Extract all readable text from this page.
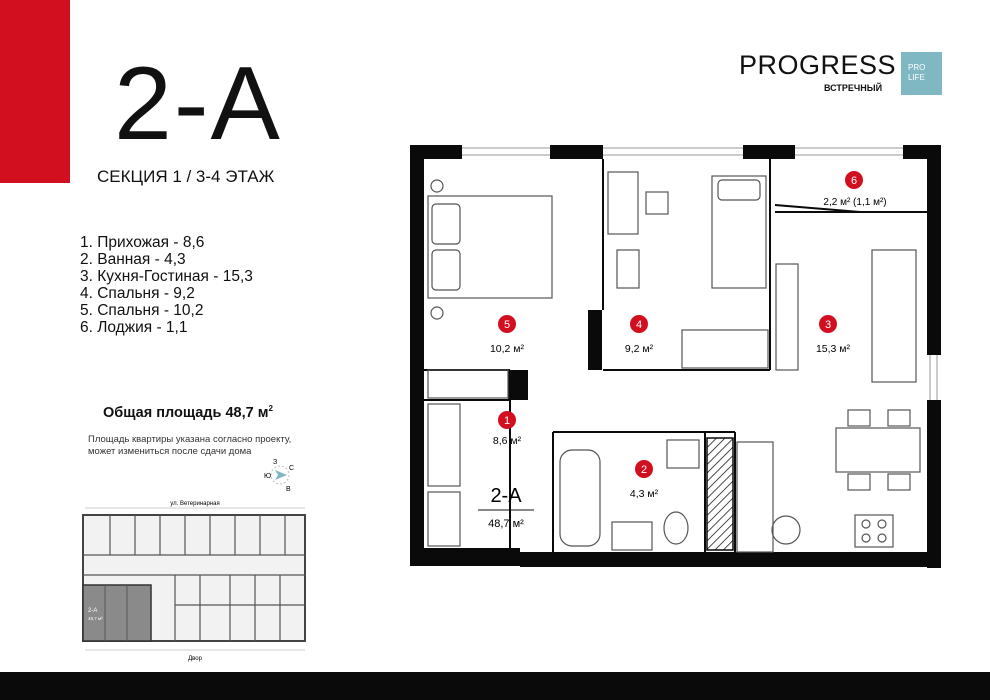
2-А
СЕКЦИЯ 1 / 3-4 ЭТАЖ
1. Прихожая - 8,6
2. Ванная - 4,3
3. Кухня-Гостиная - 15,3
4. Спальня - 9,2
5. Спальня - 10,2
6. Лоджия - 1,1
Общая площадь 48,7 $м^2$
Площадь квартиры указана согласно проекту,
может измениться после сдачи дома
С
Ю
В
З
PROGRESS
ВСТРЕЧНЫЙ
PRO
LIFE
ул. Ветеринарная
2-А
48,7 м²
Двор
5
10,2 м²
4
9,2 м²
3
15,3 м²
6
2,2 м² (1,1 м²)
1
8,6 м²
2
4,3 м²
2-А
48,7 м²
